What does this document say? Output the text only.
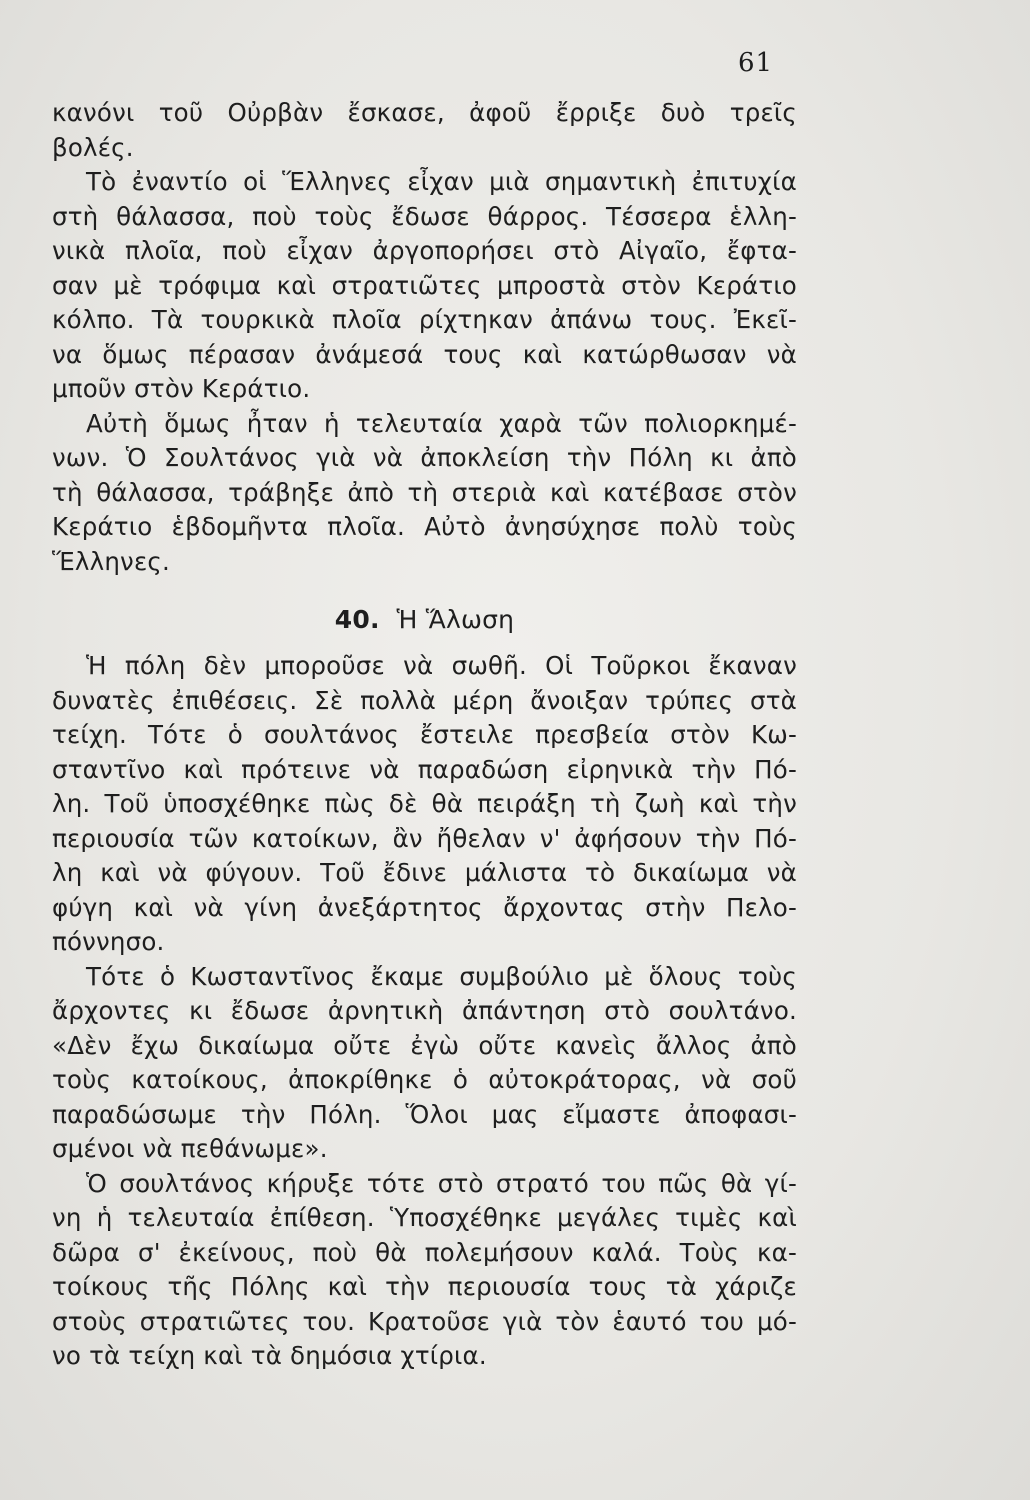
61
κανόνι τοῦ Οὐρβὰν ἔσκασε, ἀφοῦ ἔρριξε δυὸ τρεῖς
βολές.
Τὸ ἐναντίο οἱ Ἕλληνες εἶχαν μιὰ σημαντικὴ ἐπιτυχία
στὴ θάλασσα, ποὺ τοὺς ἔδωσε θάρρος. Τέσσερα ἑλλη-
νικὰ πλοῖα, ποὺ εἶχαν ἀργοπορήσει στὸ Αἰγαῖο, ἔφτα-
σαν μὲ τρόφιμα καὶ στρατιῶτες μπροστὰ στὸν Κεράτιο
κόλπο. Τὰ τουρκικὰ πλοῖα ρίχτηκαν ἀπάνω τους. Ἐκεῖ-
να ὅμως πέρασαν ἀνάμεσά τους καὶ κατώρθωσαν νὰ
μποῦν στὸν Κεράτιο.
Αὐτὴ ὅμως ἦταν ἡ τελευταία χαρὰ τῶν πολιορκημέ-
νων. Ὁ Σουλτάνος γιὰ νὰ ἀποκλείση τὴν Πόλη κι ἀπὸ
τὴ θάλασσα, τράβηξε ἀπὸ τὴ στεριὰ καὶ κατέβασε στὸν
Κεράτιο ἑβδομῆντα πλοῖα. Αὐτὸ ἀνησύχησε πολὺ τοὺς
Ἕλληνες.
40. Ἡ Ἅλωση
Ἡ πόλη δὲν μποροῦσε νὰ σωθῆ. Οἱ Τοῦρκοι ἔκαναν
δυνατὲς ἐπιθέσεις. Σὲ πολλὰ μέρη ἄνοιξαν τρύπες στὰ
τείχη. Τότε ὁ σουλτάνος ἔστειλε πρεσβεία στὸν Κω-
σταντῖνο καὶ πρότεινε νὰ παραδώση εἰρηνικὰ τὴν Πό-
λη. Τοῦ ὑποσχέθηκε πὼς δὲ θὰ πειράξη τὴ ζωὴ καὶ τὴν
περιουσία τῶν κατοίκων, ἂν ἤθελαν ν' ἀφήσουν τὴν Πό-
λη καὶ νὰ φύγουν. Τοῦ ἔδινε μάλιστα τὸ δικαίωμα νὰ
φύγη καὶ νὰ γίνη ἀνεξάρτητος ἄρχοντας στὴν Πελο-
πόννησο.
Τότε ὁ Κωσταντῖνος ἔκαμε συμβούλιο μὲ ὅλους τοὺς
ἄρχοντες κι ἔδωσε ἀρνητικὴ ἀπάντηση στὸ σουλτάνο.
«Δὲν ἔχω δικαίωμα οὔτε ἐγὼ οὔτε κανεὶς ἄλλος ἀπὸ
τοὺς κατοίκους, ἀποκρίθηκε ὁ αὐτοκράτορας, νὰ σοῦ
παραδώσωμε τὴν Πόλη. Ὅλοι μας εἴμαστε ἀποφασι-
σμένοι νὰ πεθάνωμε».
Ὁ σουλτάνος κήρυξε τότε στὸ στρατό του πῶς θὰ γί-
νη ἡ τελευταία ἐπίθεση. Ὑποσχέθηκε μεγάλες τιμὲς καὶ
δῶρα σ' ἐκείνους, ποὺ θὰ πολεμήσουν καλά. Τοὺς κα-
τοίκους τῆς Πόλης καὶ τὴν περιουσία τους τὰ χάριζε
στοὺς στρατιῶτες του. Κρατοῦσε γιὰ τὸν ἑαυτό του μό-
νο τὰ τείχη καὶ τὰ δημόσια χτίρια.
